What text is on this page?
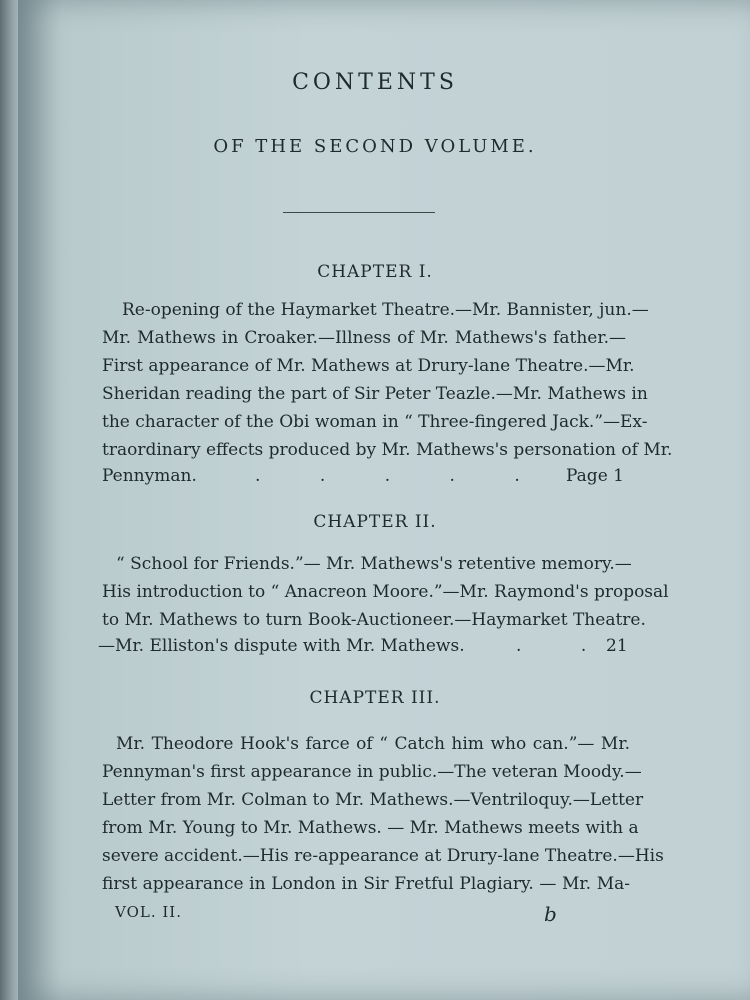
CONTENTS
OF THE SECOND VOLUME.
CHAPTER I.
Re-opening of the Haymarket Theatre.—Mr. Bannister, jun.—
Mr. Mathews in Croaker.—Illness of Mr. Mathews's father.—
First appearance of Mr. Mathews at Drury-lane Theatre.—Mr.
Sheridan reading the part of Sir Peter Teazle.—Mr. Mathews in
the character of the Obi woman in “ Three-fingered Jack.”—Ex-
traordinary effects produced by Mr. Mathews's personation of Mr.
Pennyman.	.           .           .           .           .	Page 1
CHAPTER II.
“ School for Friends.”— Mr. Mathews's retentive memory.—
His introduction to “ Anacreon Moore.”—Mr. Raymond's proposal
to Mr. Mathews to turn Book-Auctioneer.—Haymarket Theatre.
—Mr. Elliston's dispute with Mr. Mathews.	.           . 21
CHAPTER III.
Mr. Theodore Hook's farce of “ Catch him who can.”— Mr.
Pennyman's first appearance in public.—The veteran Moody.—
Letter from Mr. Colman to Mr. Mathews.—Ventriloquy.—Letter
from Mr. Young to Mr. Mathews. — Mr. Mathews meets with a
severe accident.—His re-appearance at Drury-lane Theatre.—His
first appearance in London in Sir Fretful Plagiary. — Mr. Ma-
VOL. II.	b
